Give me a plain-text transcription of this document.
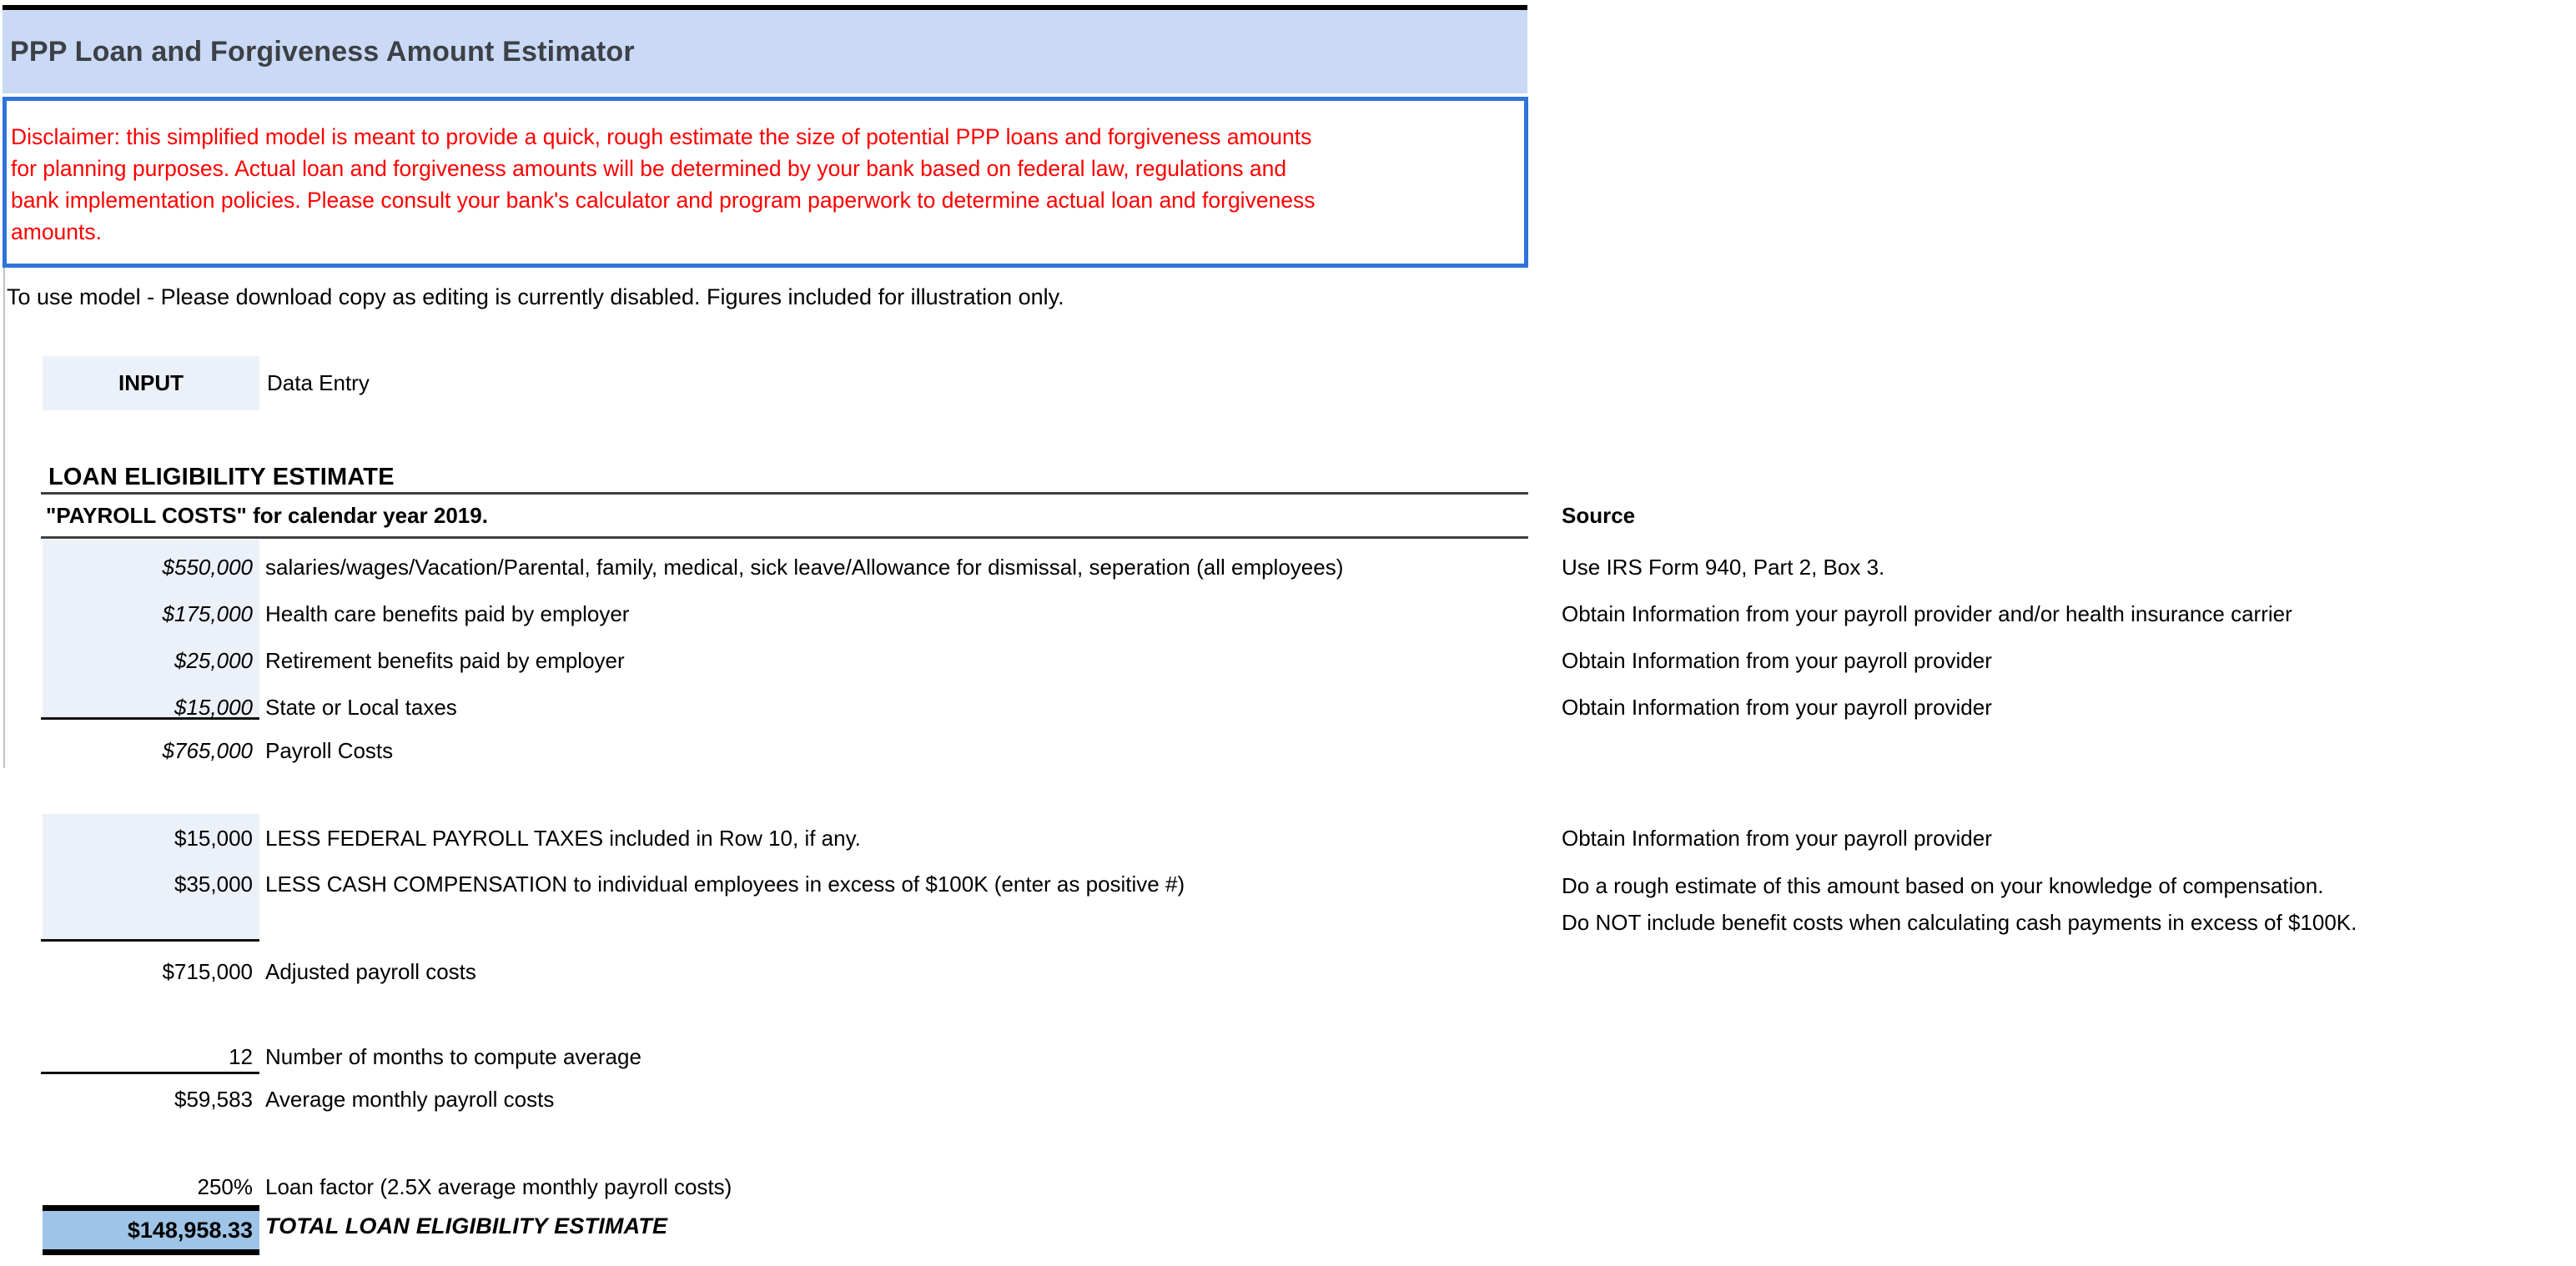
PPP Loan and Forgiveness Amount Estimator
Disclaimer: this simplified model is meant to provide a quick, rough estimate the size of potential PPP loans and forgiveness amounts
for planning purposes. Actual loan and forgiveness amounts will be determined by your bank based on federal law, regulations and
bank implementation policies. Please consult your bank's calculator and program paperwork to determine actual loan and forgiveness
amounts.
To use model - Please download copy as editing is currently disabled. Figures included for illustration only.
INPUT	Data Entry
LOAN ELIGIBILITY ESTIMATE
"PAYROLL COSTS" for calendar year 2019.	Source
$550,000 salaries/wages/Vacation/Parental, family, medical, sick leave/Allowance for dismissal, seperation (all employees)	Use IRS Form 940, Part 2, Box 3.
$175,000 Health care benefits paid by employer	Obtain Information from your payroll provider and/or health insurance carrier
$25,000 Retirement benefits paid by employer	Obtain Information from your payroll provider
$15,000 State or Local taxes	Obtain Information from your payroll provider
$765,000 Payroll Costs
$15,000 LESS FEDERAL PAYROLL TAXES included in Row 10, if any.	Obtain Information from your payroll provider
$35,000 LESS CASH COMPENSATION to individual employees in excess of $100K (enter as positive #)	Do a rough estimate of this amount based on your knowledge of compensation.
Do NOT include benefit costs when calculating cash payments in excess of $100K.
$715,000 Adjusted payroll costs
12 Number of months to compute average
$59,583 Average monthly payroll costs
250% Loan factor (2.5X average monthly payroll costs)
$148,958.33 TOTAL LOAN ELIGIBILITY ESTIMATE
